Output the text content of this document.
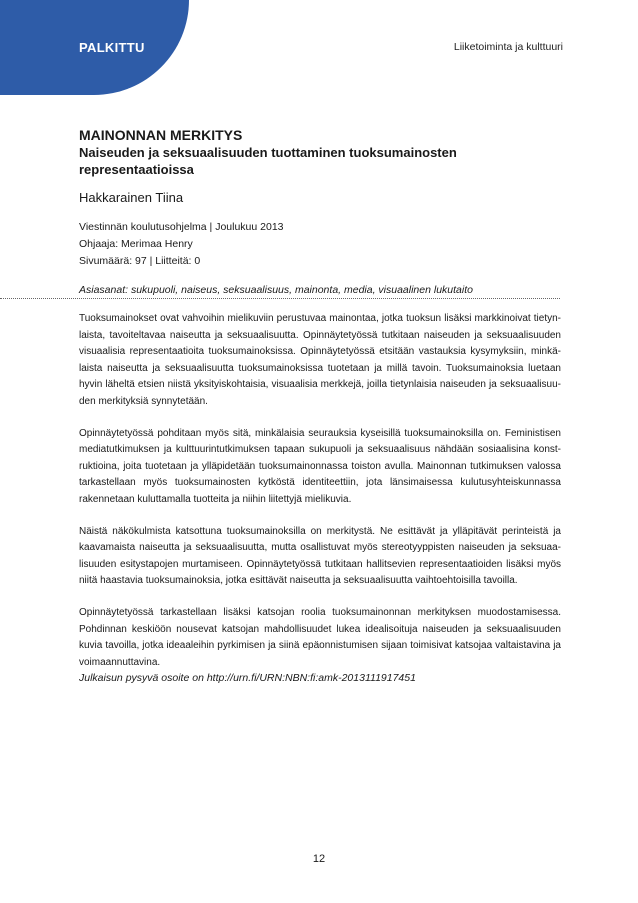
PALKITTU	Liiketoiminta ja kulttuuri

MAINONNAN MERKITYS

Naiseuden ja seksuaalisuuden tuottaminen tuoksumainosten representaatioissa

Hakkarainen Tiina

Viestinnän koulutusohjelma | Joulukuu 2013

Ohjaaja: Merimaa Henry

Sivumäärä: 97 | Liitteitä: 0

Asiasanat: sukupuoli, naiseus, seksuaalisuus, mainonta, media, visuaalinen lukutaito

Tuoksumainokset ovat vahvoihin mielikuviin perustuvaa mainontaa, jotka tuoksun lisäksi markkinoivat tietyn-laista, tavoiteltavaa naiseutta ja seksuaalisuutta. Opinnäytetyössä tutkitaan naiseuden ja seksuaalisuuden visuaalisia representaatioita tuoksumainoksissa. Opinnäytetyössä etsitään vastauksia kysymyksiin, minkä-laista naiseutta ja seksuaalisuutta tuoksumainoksissa tuotetaan ja millä tavoin. Tuoksumainoksia luetaan hyvin läheltä etsien niistä yksityiskohtaisia, visuaalisia merkkejä, joilla tietynlaisia naiseuden ja seksuaalisuu-den merkityksiä synnytetään.

Opinnäytetyössä pohditaan myös sitä, minkälaisia seurauksia kyseisillä tuoksumainoksilla on. Feministisen mediatutkimuksen ja kulttuurintutkimuksen tapaan sukupuoli ja seksuaalisuus nähdään sosiaalisina konst-ruktioina, joita tuotetaan ja ylläpidetään tuoksumainonnassa toiston avulla. Mainonnan tutkimuksen valossa tarkastellaan myös tuoksumainosten kytköstä identiteettiin, jota länsimaisessa kulutusyhteiskunnassa rakennetaan kuluttamalla tuotteita ja niihin liitettyjä mielikuvia.

Näistä näkökulmista katsottuna tuoksumainoksilla on merkitystä. Ne esittävät ja ylläpitävät perinteistä ja kaavamaista naiseutta ja seksuaalisuutta, mutta osallistuvat myös stereotyyppisten naiseuden ja seksuaa-lisuuden esitystapojen murtamiseen. Opinnäytetyössä tutkitaan hallitsevien representaatioiden lisäksi myös niitä haastavia tuoksumainoksia, jotka esittävät naiseutta ja seksuaalisuutta vaihtoehtoisilla tavoilla.

Opinnäytetyössä tarkastellaan lisäksi katsojan roolia tuoksumainonnan merkityksen muodostamisessa. Pohdinnan keskiöön nousevat katsojan mahdollisuudet lukea idealisoituja naiseuden ja seksuaalisuuden kuvia tavoilla, jotka ideaaleihin pyrkimisen ja siinä epäonnistumisen sijaan toimisivat katsojaa valtaistavina ja voimaannuttavina.

Julkaisun pysyvä osoite on http://urn.fi/URN:NBN:fi:amk-2013111917451
12
